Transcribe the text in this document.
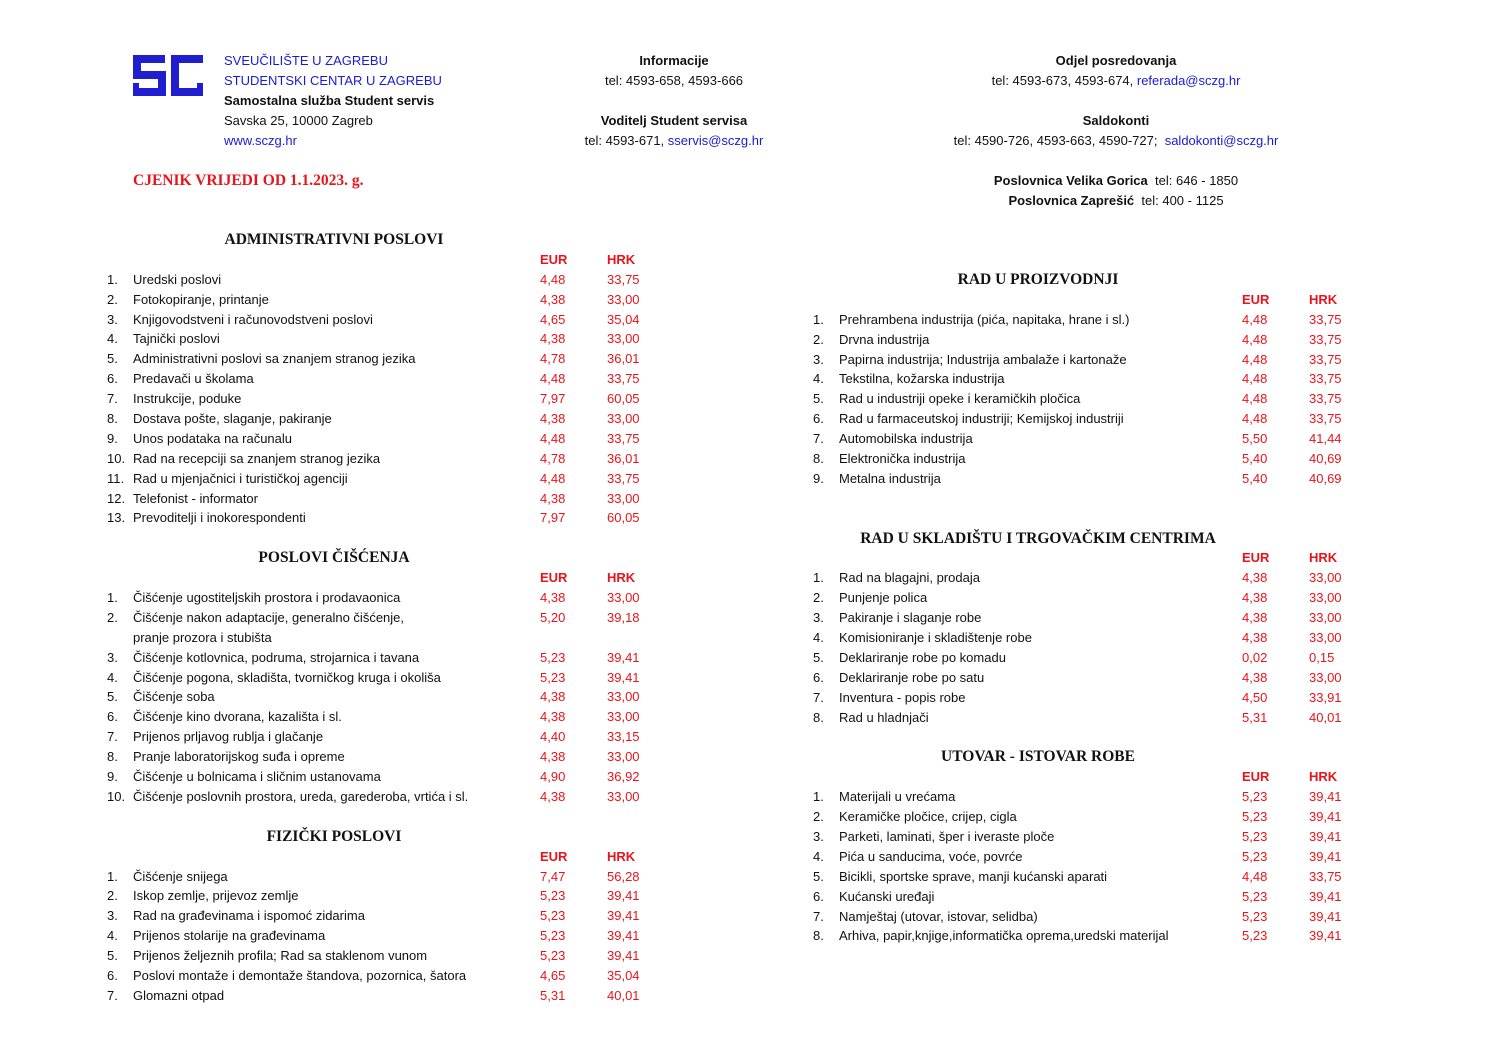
SVEUČILIŠTE U ZAGREBU
STUDENTSKI CENTAR U ZAGREBU
Samostalna služba Student servis
Savska 25, 10000 Zagreb
www.sczg.hr
Informacije
tel: 4593-658, 4593-666

Voditelj Student servisa
tel: 4593-671, sservis@sczg.hr
Odjel posredovanja
tel: 4593-673, 4593-674, referada@sczg.hr

Saldokonti
tel: 4590-726, 4593-663, 4590-727;  saldokonti@sczg.hr

Poslovnica Velika Gorica  tel: 646 - 1850
Poslovnica Zaprešić  tel: 400 - 1125
CJENIK VRIJEDI OD 1.1.2023. g.
ADMINISTRATIVNI POSLOVI
EUR	HRK
1. Uredski poslovi	4,48	33,75
2. Fotokopiranje, printanje	4,38	33,00
3. Knjigovodstveni i računovodstveni poslovi	4,65	35,04
4. Tajnički poslovi	4,38	33,00
5. Administrativni poslovi sa znanjem stranog jezika	4,78	36,01
6. Predavači u školama	4,48	33,75
7. Instrukcije, poduke	7,97	60,05
8. Dostava pošte, slaganje, pakiranje	4,38	33,00
9. Unos podataka na računalu	4,48	33,75
10. Rad na recepciji sa znanjem stranog jezika	4,78	36,01
11. Rad u mjenjačnici i turističkoj agenciji	4,48	33,75
12. Telefonist - informator	4,38	33,00
13. Prevoditelji i inokorespondenti	7,97	60,05
POSLOVI ČIŠĆENJA
EUR	HRK
1. Čišćenje ugostiteljskih prostora i prodavaonica	4,38	33,00
2. Čišćenje nakon adaptacije, generalno čišćenje,	5,20	39,18
pranje prozora i stubišta
3. Čišćenje kotlovnica, podruma, strojarnica i tavana	5,23	39,41
4. Čišćenje pogona, skladišta, tvorničkog kruga i okoliša	5,23	39,41
5. Čišćenje soba	4,38	33,00
6. Čišćenje kino dvorana, kazališta i sl.	4,38	33,00
7. Prijenos prljavog rublja i glačanje	4,40	33,15
8. Pranje laboratorijskog suđa i opreme	4,38	33,00
9. Čišćenje u bolnicama i sličnim ustanovama	4,90	36,92
10. Čišćenje poslovnih prostora, ureda, garederoba, vrtića i sl.	4,38	33,00
FIZIČKI POSLOVI
EUR	HRK
1. Čišćenje snijega	7,47	56,28
2. Iskop zemlje, prijevoz zemlje	5,23	39,41
3. Rad na građevinama i ispomoć zidarima	5,23	39,41
4. Prijenos stolarije na građevinama	5,23	39,41
5. Prijenos željeznih profila; Rad sa staklenom vunom	5,23	39,41
6. Poslovi montaže i demontaže štandova, pozornica, šatora	4,65	35,04
7. Glomazni otpad	5,31	40,01
RAD U PROIZVODNJI
EUR	HRK
1. Prehrambena industrija (pića, napitaka, hrane i sl.)	4,48	33,75
2. Drvna industrija	4,48	33,75
3. Papirna industrija; Industrija ambalaže i kartonaže	4,48	33,75
4. Tekstilna, kožarska industrija	4,48	33,75
5. Rad u industriji opeke i keramičkih pločica	4,48	33,75
6. Rad u farmaceutskoj industriji; Kemijskoj industriji	4,48	33,75
7. Automobilska industrija	5,50	41,44
8. Elektronička industrija	5,40	40,69
9. Metalna industrija	5,40	40,69
RAD U SKLADIŠTU I TRGOVAČKIM CENTRIMA
EUR	HRK
1. Rad na blagajni, prodaja	4,38	33,00
2. Punjenje polica	4,38	33,00
3. Pakiranje i slaganje robe	4,38	33,00
4. Komisioniranje i skladištenje robe	4,38	33,00
5. Deklariranje robe po komadu	0,02	0,15
6. Deklariranje robe po satu	4,38	33,00
7. Inventura - popis robe	4,50	33,91
8. Rad u hladnjači	5,31	40,01
UTOVAR - ISTOVAR ROBE
EUR	HRK
1. Materijali u vrećama	5,23	39,41
2. Keramičke pločice, crijep, cigla	5,23	39,41
3. Parketi, laminati, šper i iveraste ploče	5,23	39,41
4. Pića u sanducima, voće, povrće	5,23	39,41
5. Bicikli, sportske sprave, manji kućanski aparati	4,48	33,75
6. Kućanski uređaji	5,23	39,41
7. Namještaj (utovar, istovar, selidba)	5,23	39,41
8. Arhiva, papir,knjige,informatička oprema,uredski materijal	5,23	39,41
